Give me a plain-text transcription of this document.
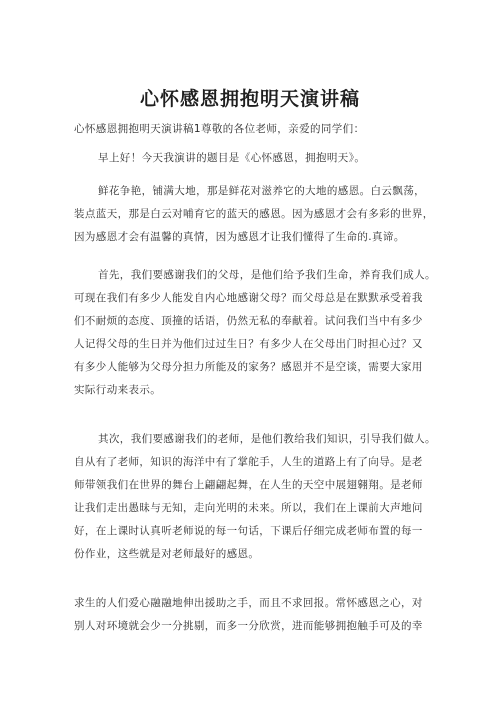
心怀感恩拥抱明天演讲稿
心怀感恩拥抱明天演讲稿1尊敬的各位老师，亲爱的同学们：
早上好！今天我演讲的题目是《心怀感恩，拥抱明天》。
鲜花争艳，铺满大地，那是鲜花对滋养它的大地的感恩。白云飘荡，
装点蓝天，那是白云对哺育它的蓝天的感恩。因为感恩才会有多彩的世界，
因为感恩才会有温馨的真情，因为感恩才让我们懂得了生命的.真谛。
首先，我们要感谢我们的父母，是他们给予我们生命，养育我们成人。
可现在我们有多少人能发自内心地感谢父母？而父母总是在默默承受着我
们不耐烦的态度、顶撞的话语，仍然无私的奉献着。试问我们当中有多少
人记得父母的生日并为他们过过生日？有多少人在父母出门时担心过？又
有多少人能够为父母分担力所能及的家务？感恩并不是空谈，需要大家用
实际行动来表示。
其次，我们要感谢我们的老师，是他们教给我们知识，引导我们做人。
自从有了老师，知识的海洋中有了掌舵手，人生的道路上有了向导。是老
师带领我们在世界的舞台上翩翩起舞，在人生的天空中展翅翱翔。是老师
让我们走出愚昧与无知，走向光明的未来。所以，我们在上课前大声地问
好，在上课时认真听老师说的每一句话，下课后仔细完成老师布置的每一
份作业，这些就是对老师最好的感恩。
求生的人们爱心融融地伸出援助之手，而且不求回报。常怀感恩之心，对
别人对环境就会少一分挑剔，而多一分欣赏，进而能够拥抱触手可及的幸
